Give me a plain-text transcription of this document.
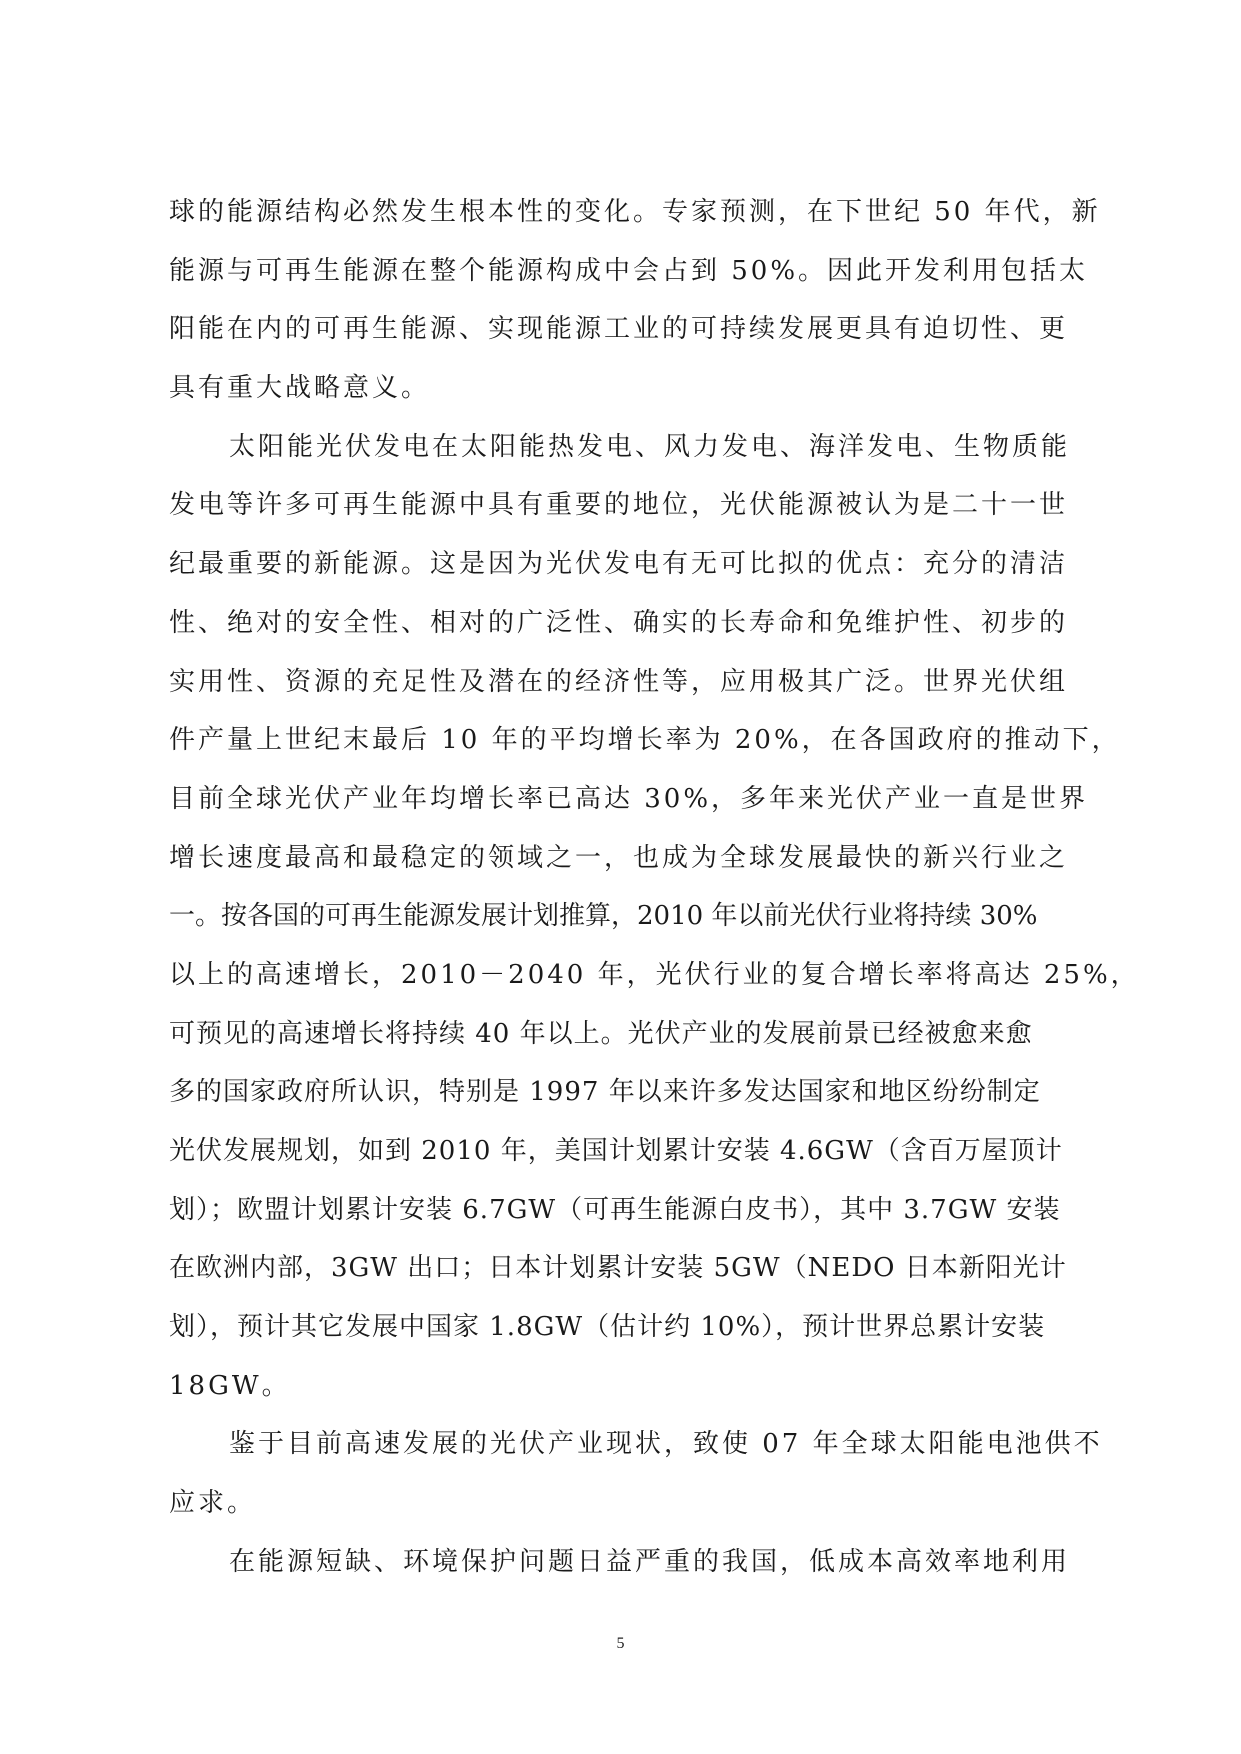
球的能源结构必然发生根本性的变化。专家预测，在下世纪 50 年代，新
能源与可再生能源在整个能源构成中会占到 50%。因此开发利用包括太
阳能在内的可再生能源、实现能源工业的可持续发展更具有迫切性、更
具有重大战略意义。
太阳能光伏发电在太阳能热发电、风力发电、海洋发电、生物质能
发电等许多可再生能源中具有重要的地位，光伏能源被认为是二十一世
纪最重要的新能源。这是因为光伏发电有无可比拟的优点：充分的清洁
性、绝对的安全性、相对的广泛性、确实的长寿命和免维护性、初步的
实用性、资源的充足性及潜在的经济性等，应用极其广泛。世界光伏组
件产量上世纪末最后 10 年的平均增长率为 20%，在各国政府的推动下，
目前全球光伏产业年均增长率已高达 30%，多年来光伏产业一直是世界
增长速度最高和最稳定的领域之一，也成为全球发展最快的新兴行业之
一。按各国的可再生能源发展计划推算，2010 年以前光伏行业将持续 30%
以上的高速增长，2010－2040 年，光伏行业的复合增长率将高达 25%，
可预见的高速增长将持续 40 年以上。光伏产业的发展前景已经被愈来愈
多的国家政府所认识，特别是 1997 年以来许多发达国家和地区纷纷制定
光伏发展规划，如到 2010 年，美国计划累计安装 4.6GW（含百万屋顶计
划）；欧盟计划累计安装 6.7GW（可再生能源白皮书），其中 3.7GW 安装
在欧洲内部，3GW 出口；日本计划累计安装 5GW（NEDO 日本新阳光计
划），预计其它发展中国家 1.8GW（估计约 10%），预计世界总累计安装
18GW。
鉴于目前高速发展的光伏产业现状，致使 07 年全球太阳能电池供不
应求。
在能源短缺、环境保护问题日益严重的我国，低成本高效率地利用
5
